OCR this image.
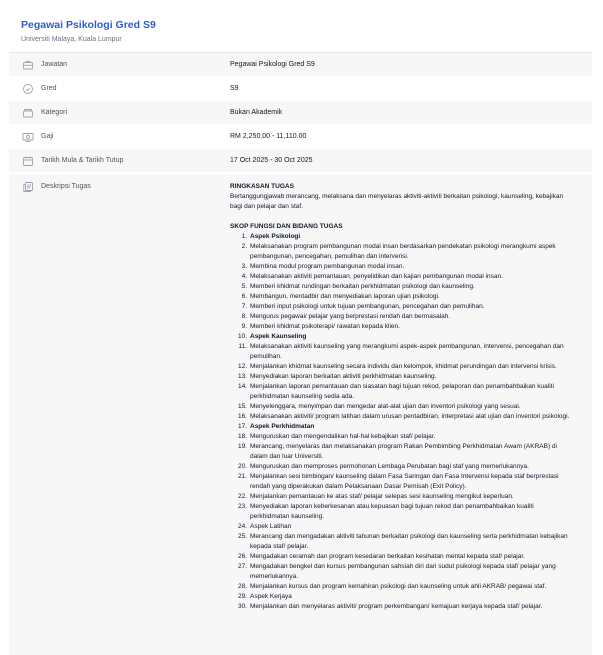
Pegawai Psikologi Gred S9
Universiti Malaya, Kuala Lumpur
Jawatan	Pegawai Psikologi Gred S9
Gred	S9
Kategori	Bukan Akademik
Gaji	RM 2,250.00 - 11,110.00
Tarikh Mula & Tarikh Tutup	17 Oct 2025 - 30 Oct 2025
Deskripsi Tugas	RINGKASAN TUGAS
Bertanggungjawab merancang, melaksana dan menyelaras aktiviti-aktiviti berkaitan psikologi, kaunseling, kebajikan bagi dan pelajar dan staf.
SKOP FUNGSI DAN BIDANG TUGAS
1. Aspek Psikologi
2. Melaksanakan program pembangunan modal insan berdasarkan pendekatan psikologi merangkumi aspek pembangunan, pencegahan, pemulihan dan intervensi.
3. Membina modul program pembangunan modal insan.
4. Melaksanakan aktiviti pemantauan, penyelidikan dan kajian pembangunan modal insan.
5. Memberi khidmat rundingan berkaitan perkhidmatan psikologi dan kaunseling.
6. Membangun, mentadbir dan menyediakan laporan ujian psikologi.
7. Memberi input psikologi untuk tujuan pembangunan, pencegahan dan pemulihan.
8. Mengurus pegawai/ pelajar yang berprestasi rendah dan bermasalah.
9. Memberi khidmat psikoterapi/ rawatan kepada klien.
10. Aspek Kaunseling
11. Melaksanakan aktiviti kaunseling yang merangkumi aspek-aspek pembangunan, intervensi, pencegahan dan pemulihan.
12. Menjalankan khidmat kaunseling secara individu dan kelompok, khidmat perundingan dan intervensi krisis.
13. Menyediakan laporan berkaitan aktiviti perkhidmatan kaunseling.
14. Menjalankan laporan pemantauan dan siasatan bagi tujuan rekod, pelaporan dan penambahbaikan kualiti perkhidmatan kaunseling sedia ada.
15. Menyelenggara, menyimpan dan mengedar alat-alat ujian dan inventori psikologi yang sesuai.
16. Melaksanakan aktiviti/ program latihan dalam urusan pentadbiran, interpretasi alat ujian dan inventori psikologi.
17. Aspek Perkhidmatan
18. Menguruskan dan mengendalikan hal-hal kebajikan staf/ pelajar.
19. Merancang, menyelaras dan melaksanakan program Rakan Pembimbing Perkhidmatan Awam (AKRAB) di dalam dan luar Universiti.
20. Menguruskan dan memproses permohonan Lembaga Perubatan bagi staf yang memerlukannya.
21. Menjalankan sesi bimbingan/ kaunseling dalam Fasa Saringan dan Fasa Intervensi kepada staf berprestasi rendah yang diperakukan dalam Pelaksanaan Dasar Pemisah (Exit Policy).
22. Menjalankan pemantauan ke atas staf/ pelajar selepas sesi kaunseling mengikut keperluan.
23. Menyediakan laporan keberkesanan atau kepuasan bagi tujuan rekod dan penambahbaikan kualiti perkhidmatan kaunseling.
24. Aspek Latihan
25. Merancang dan mengadakan aktiviti tahunan berkaitan psikologi dan kaunseling serta perkhidmatan kebajikan kepada staf/ pelajar.
26. Mengadakan ceramah dan program kesedaran berkaitan kesihatan mental kepada staf/ pelajar.
27. Mengadakan bengkel dan kursus pembangunan sahsiah diri dari sudut psikologi kepada staf/ pelajar yang memerlukannya.
28. Menjalankan kursus dan program kemahiran psikologi dan kaunseling untuk ahli AKRAB/ pegawai staf.
29. Aspek Kerjaya
30. Menjalankan dan menyelaras aktiviti/ program perkembangan/ kemajuan kerjaya kepada staf/ pelajar.
